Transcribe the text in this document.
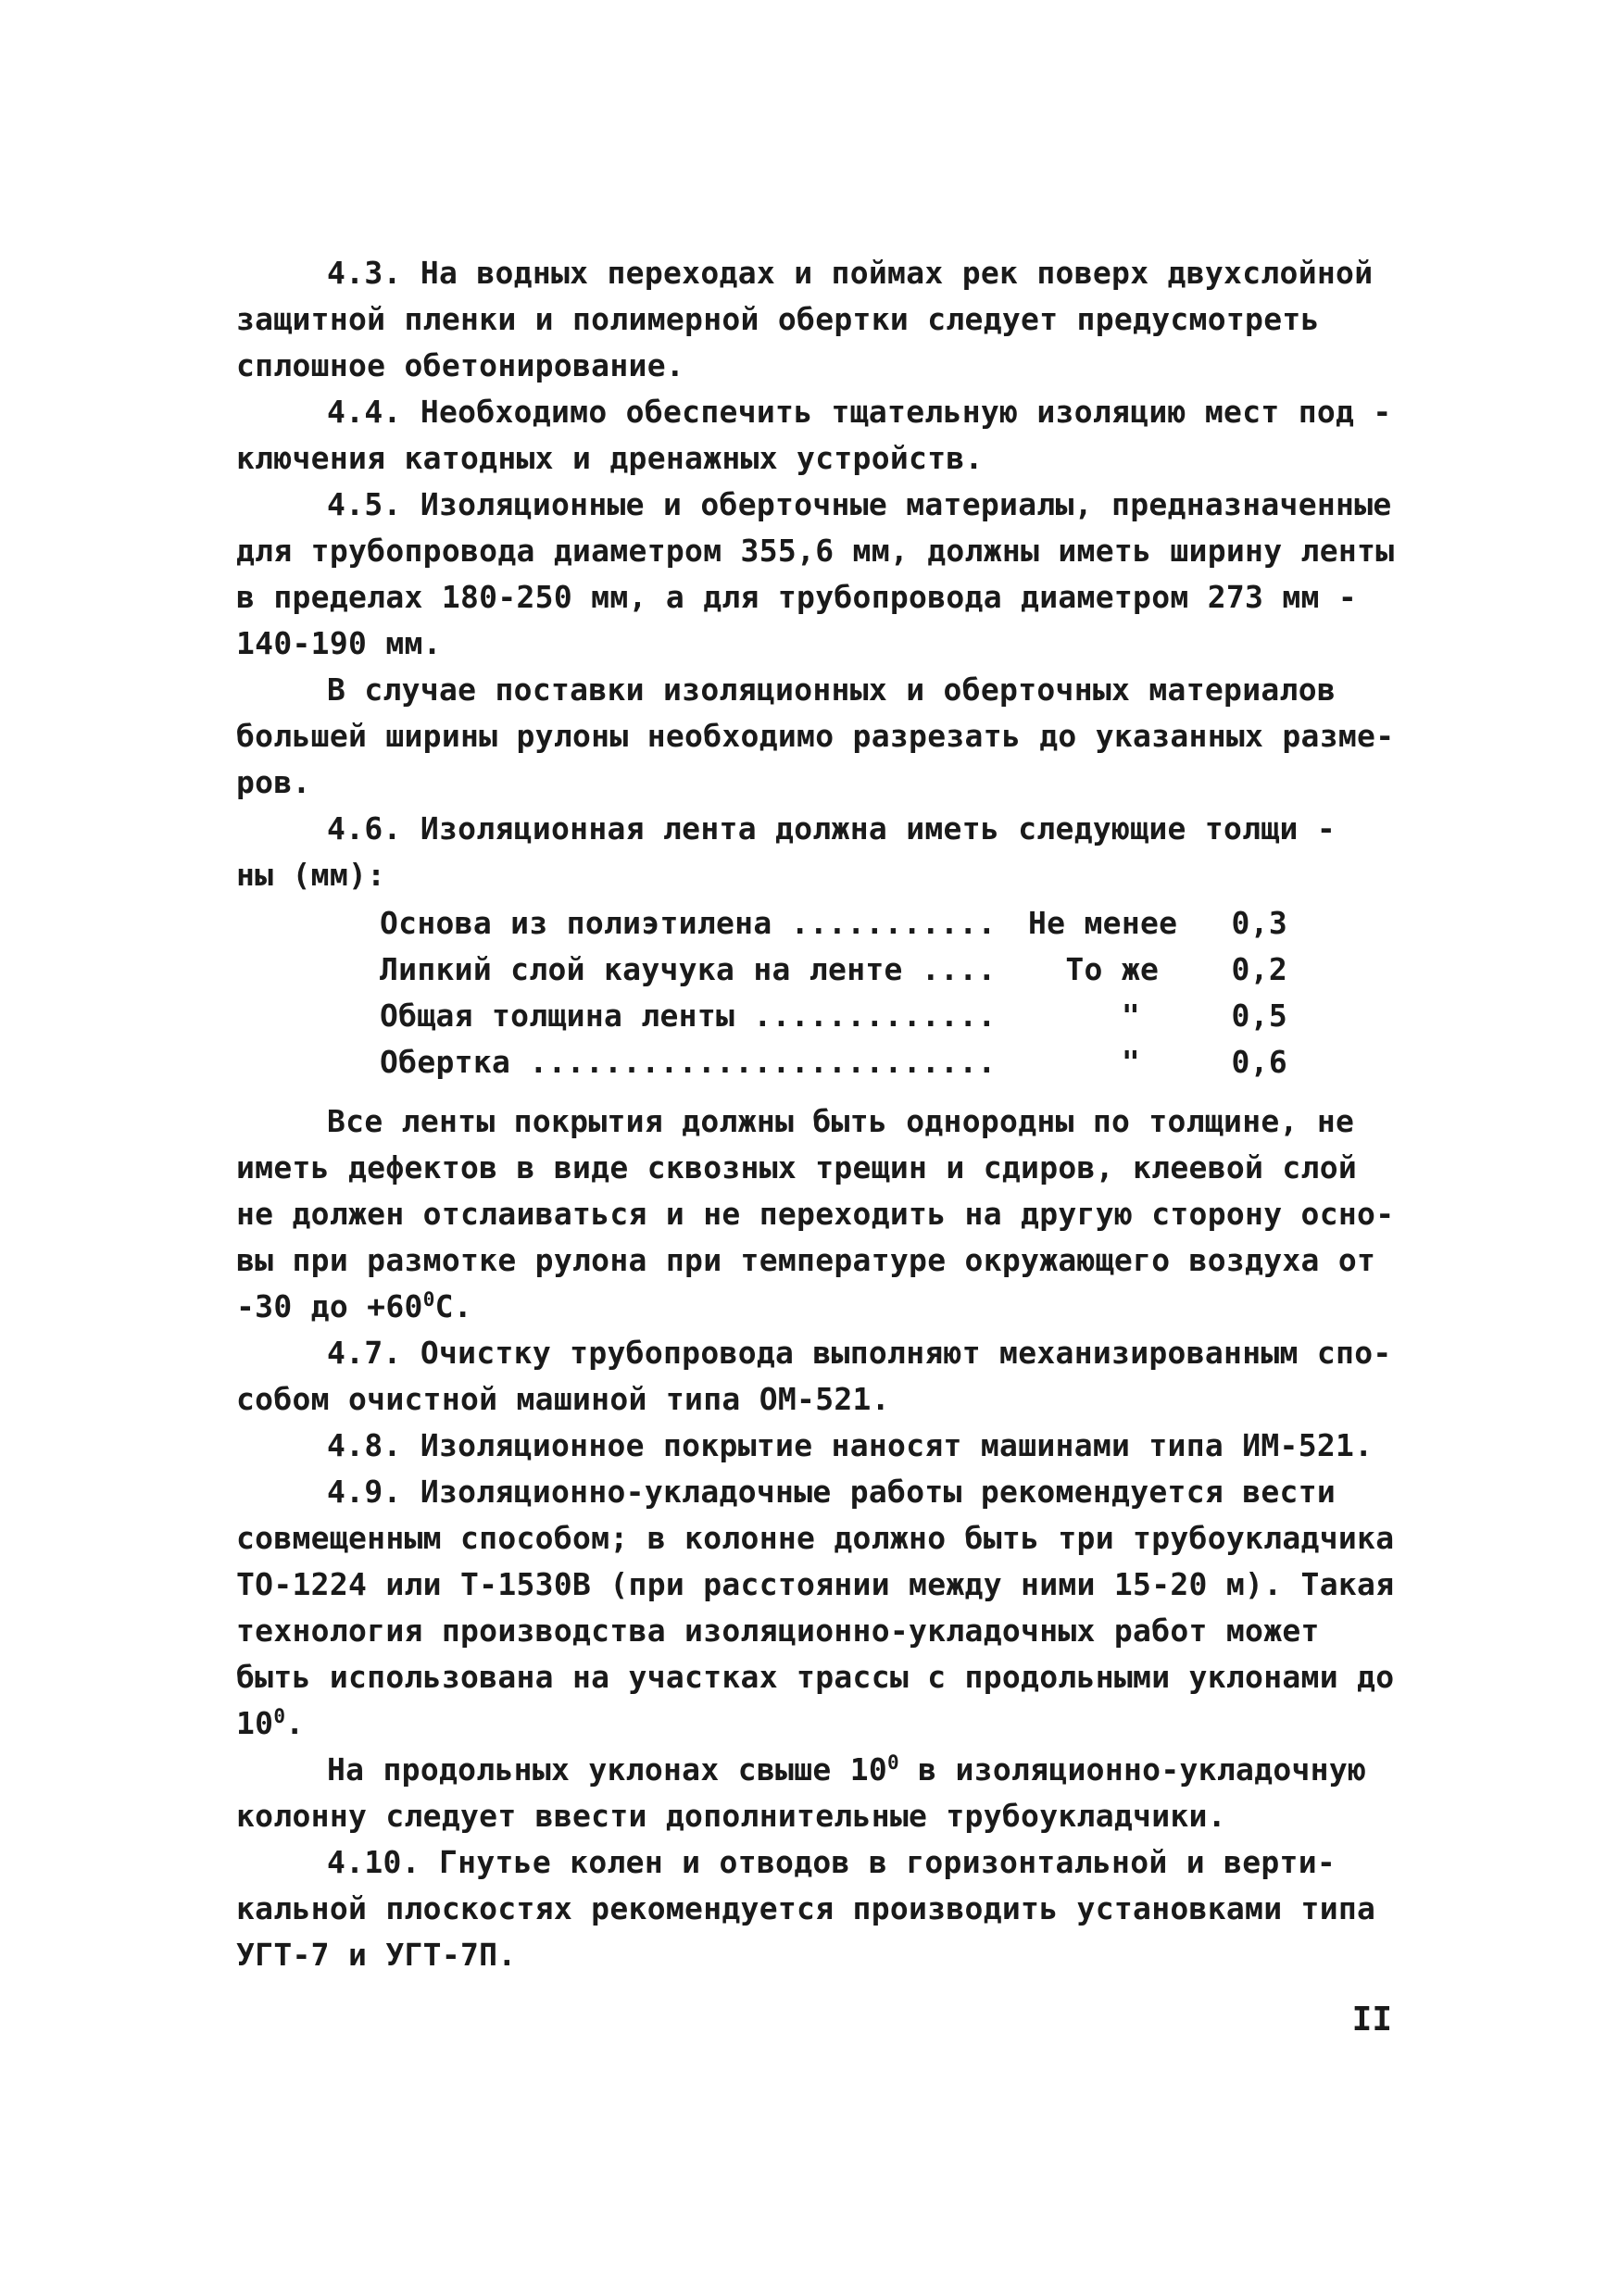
4.3. На водных переходах и поймах рек поверх двухслойной
защитной пленки и полимерной обертки следует предусмотреть
сплошное обетонирование.
4.4. Необходимо обеспечить тщательную изоляцию мест под -
ключения катодных и дренажных устройств.
4.5. Изоляционные и оберточные материалы, предназначенные
для трубопровода диаметром 355,6 мм, должны иметь ширину ленты
в пределах 180-250 мм, а для трубопровода диаметром 273 мм -
140-190 мм.
В случае поставки изоляционных и оберточных материалов
большей ширины рулоны необходимо разрезать до указанных разме-
ров.
4.6. Изоляционная лента должна иметь следующие толщи -
ны (мм):
Основа из полиэтилена ...........	Не менее	0,3
Липкий слой каучука на ленте ....	То же	0,2
Общая толщина ленты .............	"	0,5
Обертка .........................	"	0,6
Все ленты покрытия должны быть однородны по толщине, не
иметь дефектов в виде сквозных трещин и сдиров, клеевой слой
не должен отслаиваться и не переходить на другую сторону осно-
вы при размотке рулона при температуре окружающего воздуха от
-30 до $+60^0С$.
4.7. Очистку трубопровода выполняют механизированным спо-
собом очистной машиной типа ОМ-521.
4.8. Изоляционное покрытие наносят машинами типа ИМ-521.
4.9. Изоляционно-укладочные работы рекомендуется вести
совмещенным способом; в колонне должно быть три трубоукладчика
ТО-1224 или Т-1530В (при расстоянии между ними 15-20 м). Такая
технология производства изоляционно-укладочных работ может
быть использована на участках трассы с продольными уклонами до
$10^0$.
На продольных уклонах свыше $10^0$ в изоляционно-укладочную
колонну следует ввести дополнительные трубоукладчики.
4.10. Гнутье колен и отводов в горизонтальной и верти-
кальной плоскостях рекомендуется производить установками типа
УГТ-7 и УГТ-7П.
II
